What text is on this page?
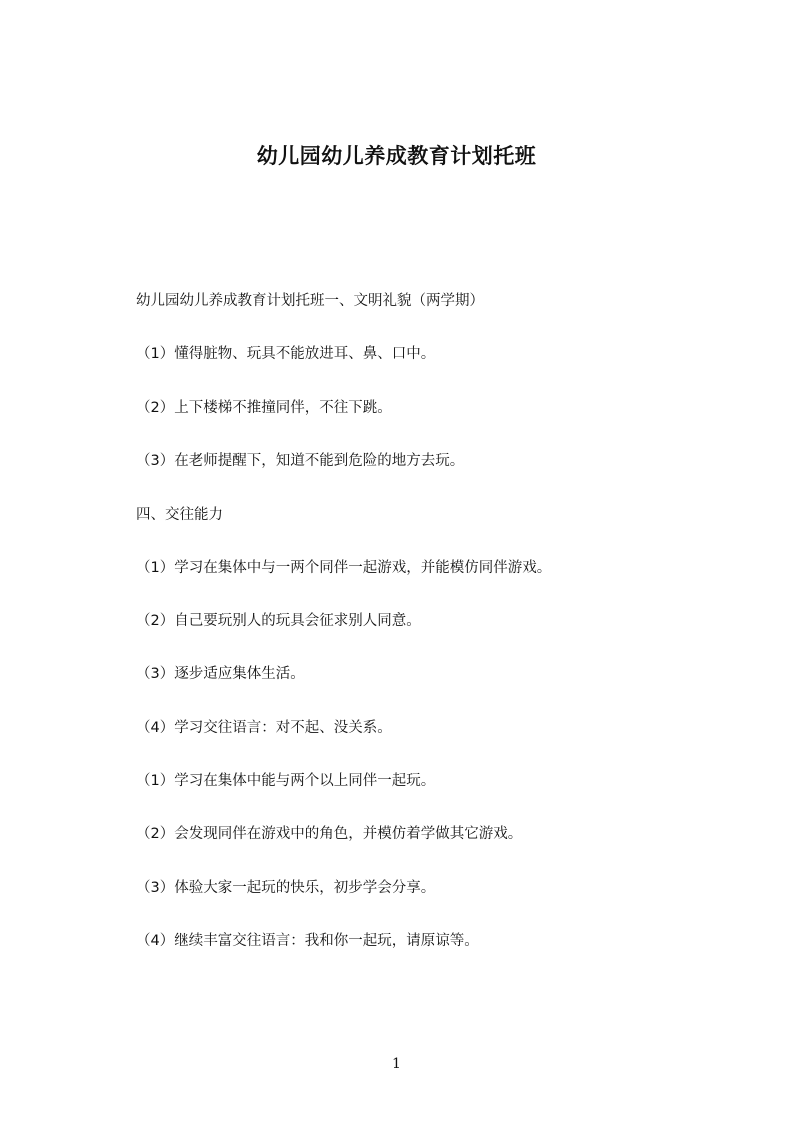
幼儿园幼儿养成教育计划托班
幼儿园幼儿养成教育计划托班一、文明礼貌（两学期）
（1）懂得脏物、玩具不能放进耳、鼻、口中。
（2）上下楼梯不推撞同伴，不往下跳。
（3）在老师提醒下，知道不能到危险的地方去玩。
四、交往能力
（1）学习在集体中与一两个同伴一起游戏，并能模仿同伴游戏。
（2）自己要玩别人的玩具会征求别人同意。
（3）逐步适应集体生活。
（4）学习交往语言：对不起、没关系。
（1）学习在集体中能与两个以上同伴一起玩。
（2）会发现同伴在游戏中的角色，并模仿着学做其它游戏。
（3）体验大家一起玩的快乐，初步学会分享。
（4）继续丰富交往语言：我和你一起玩，请原谅等。
1
